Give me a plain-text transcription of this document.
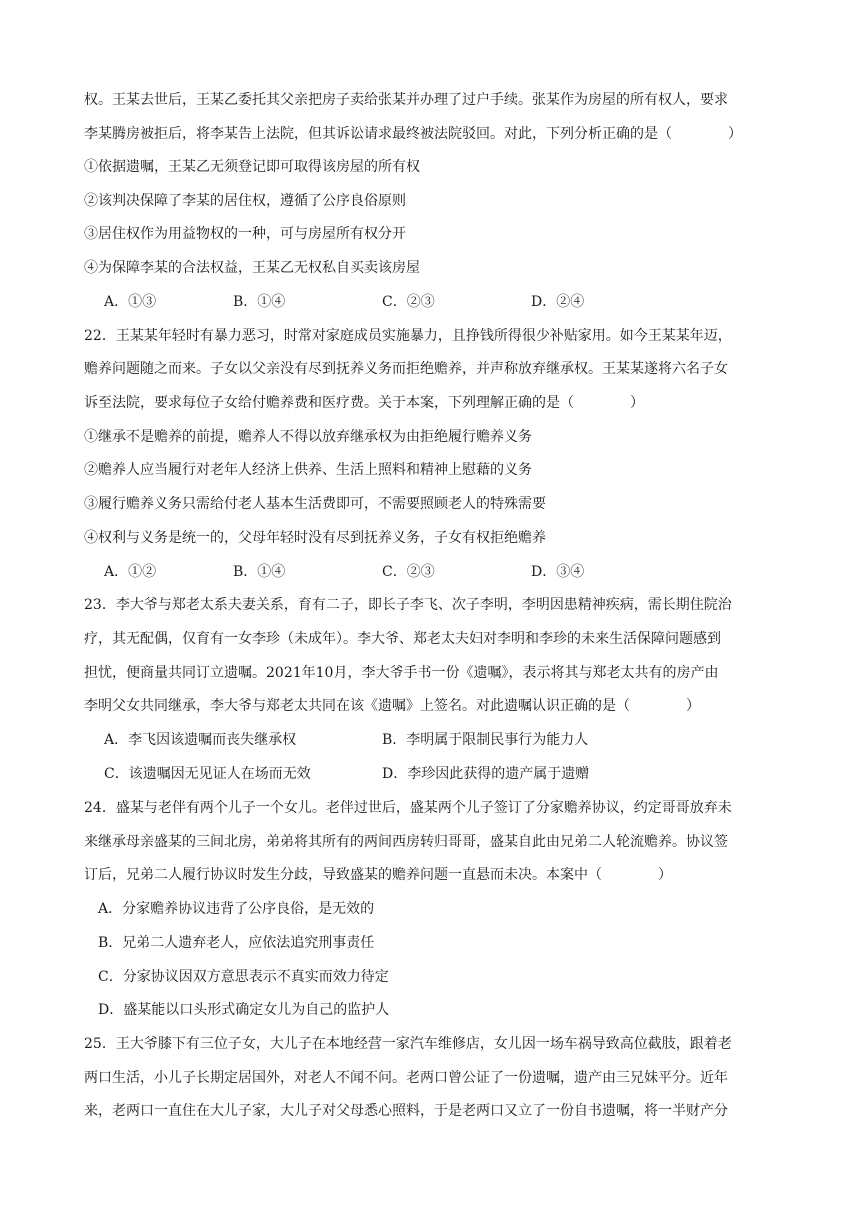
权。王某去世后，王某乙委托其父亲把房子卖给张某并办理了过户手续。张某作为房屋的所有权人，要求
李某腾房被拒后，将李某告上法院，但其诉讼请求最终被法院驳回。对此，下列分析正确的是（　　　　）
①依据遗嘱，王某乙无须登记即可取得该房屋的所有权
②该判决保障了李某的居住权，遵循了公序良俗原则
③居住权作为用益物权的一种，可与房屋所有权分开
④为保障李某的合法权益，王某乙无权私自买卖该房屋
A．①③	B．①④	C．②③	D．②④
22．王某某年轻时有暴力恶习，时常对家庭成员实施暴力，且挣钱所得很少补贴家用。如今王某某年迈，
赡养问题随之而来。子女以父亲没有尽到抚养义务而拒绝赡养，并声称放弃继承权。王某某遂将六名子女
诉至法院，要求每位子女给付赡养费和医疗费。关于本案，下列理解正确的是（　　　　）
①继承不是赡养的前提，赡养人不得以放弃继承权为由拒绝履行赡养义务
②赡养人应当履行对老年人经济上供养、生活上照料和精神上慰藉的义务
③履行赡养义务只需给付老人基本生活费即可，不需要照顾老人的特殊需要
④权利与义务是统一的，父母年轻时没有尽到抚养义务，子女有权拒绝赡养
A．①②	B．①④	C．②③	D．③④
23．李大爷与郑老太系夫妻关系，育有二子，即长子李飞、次子李明，李明因患精神疾病，需长期住院治
疗，其无配偶，仅育有一女李珍（未成年）。李大爷、郑老太夫妇对李明和李珍的未来生活保障问题感到
担忧，便商量共同订立遗嘱。2021年10月，李大爷手书一份《遗嘱》，表示将其与郑老太共有的房产由
李明父女共同继承，李大爷与郑老太共同在该《遗嘱》上签名。对此遗嘱认识正确的是（　　　　）
A．李飞因该遗嘱而丧失继承权	B．李明属于限制民事行为能力人
C．该遗嘱因无见证人在场而无效	D．李珍因此获得的遗产属于遗赠
24．盛某与老伴有两个儿子一个女儿。老伴过世后，盛某两个儿子签订了分家赡养协议，约定哥哥放弃未
来继承母亲盛某的三间北房，弟弟将其所有的两间西房转归哥哥，盛某自此由兄弟二人轮流赡养。协议签
订后，兄弟二人履行协议时发生分歧，导致盛某的赡养问题一直悬而未决。本案中（　　　　）
　A．分家赡养协议违背了公序良俗，是无效的
　B．兄弟二人遗弃老人，应依法追究刑事责任
　C．分家协议因双方意思表示不真实而效力待定
　D．盛某能以口头形式确定女儿为自己的监护人
25．王大爷膝下有三位子女，大儿子在本地经营一家汽车维修店，女儿因一场车祸导致高位截肢，跟着老
两口生活，小儿子长期定居国外，对老人不闻不问。老两口曾公证了一份遗嘱，遗产由三兄妹平分。近年
来，老两口一直住在大儿子家，大儿子对父母悉心照料，于是老两口又立了一份自书遗嘱，将一半财产分
